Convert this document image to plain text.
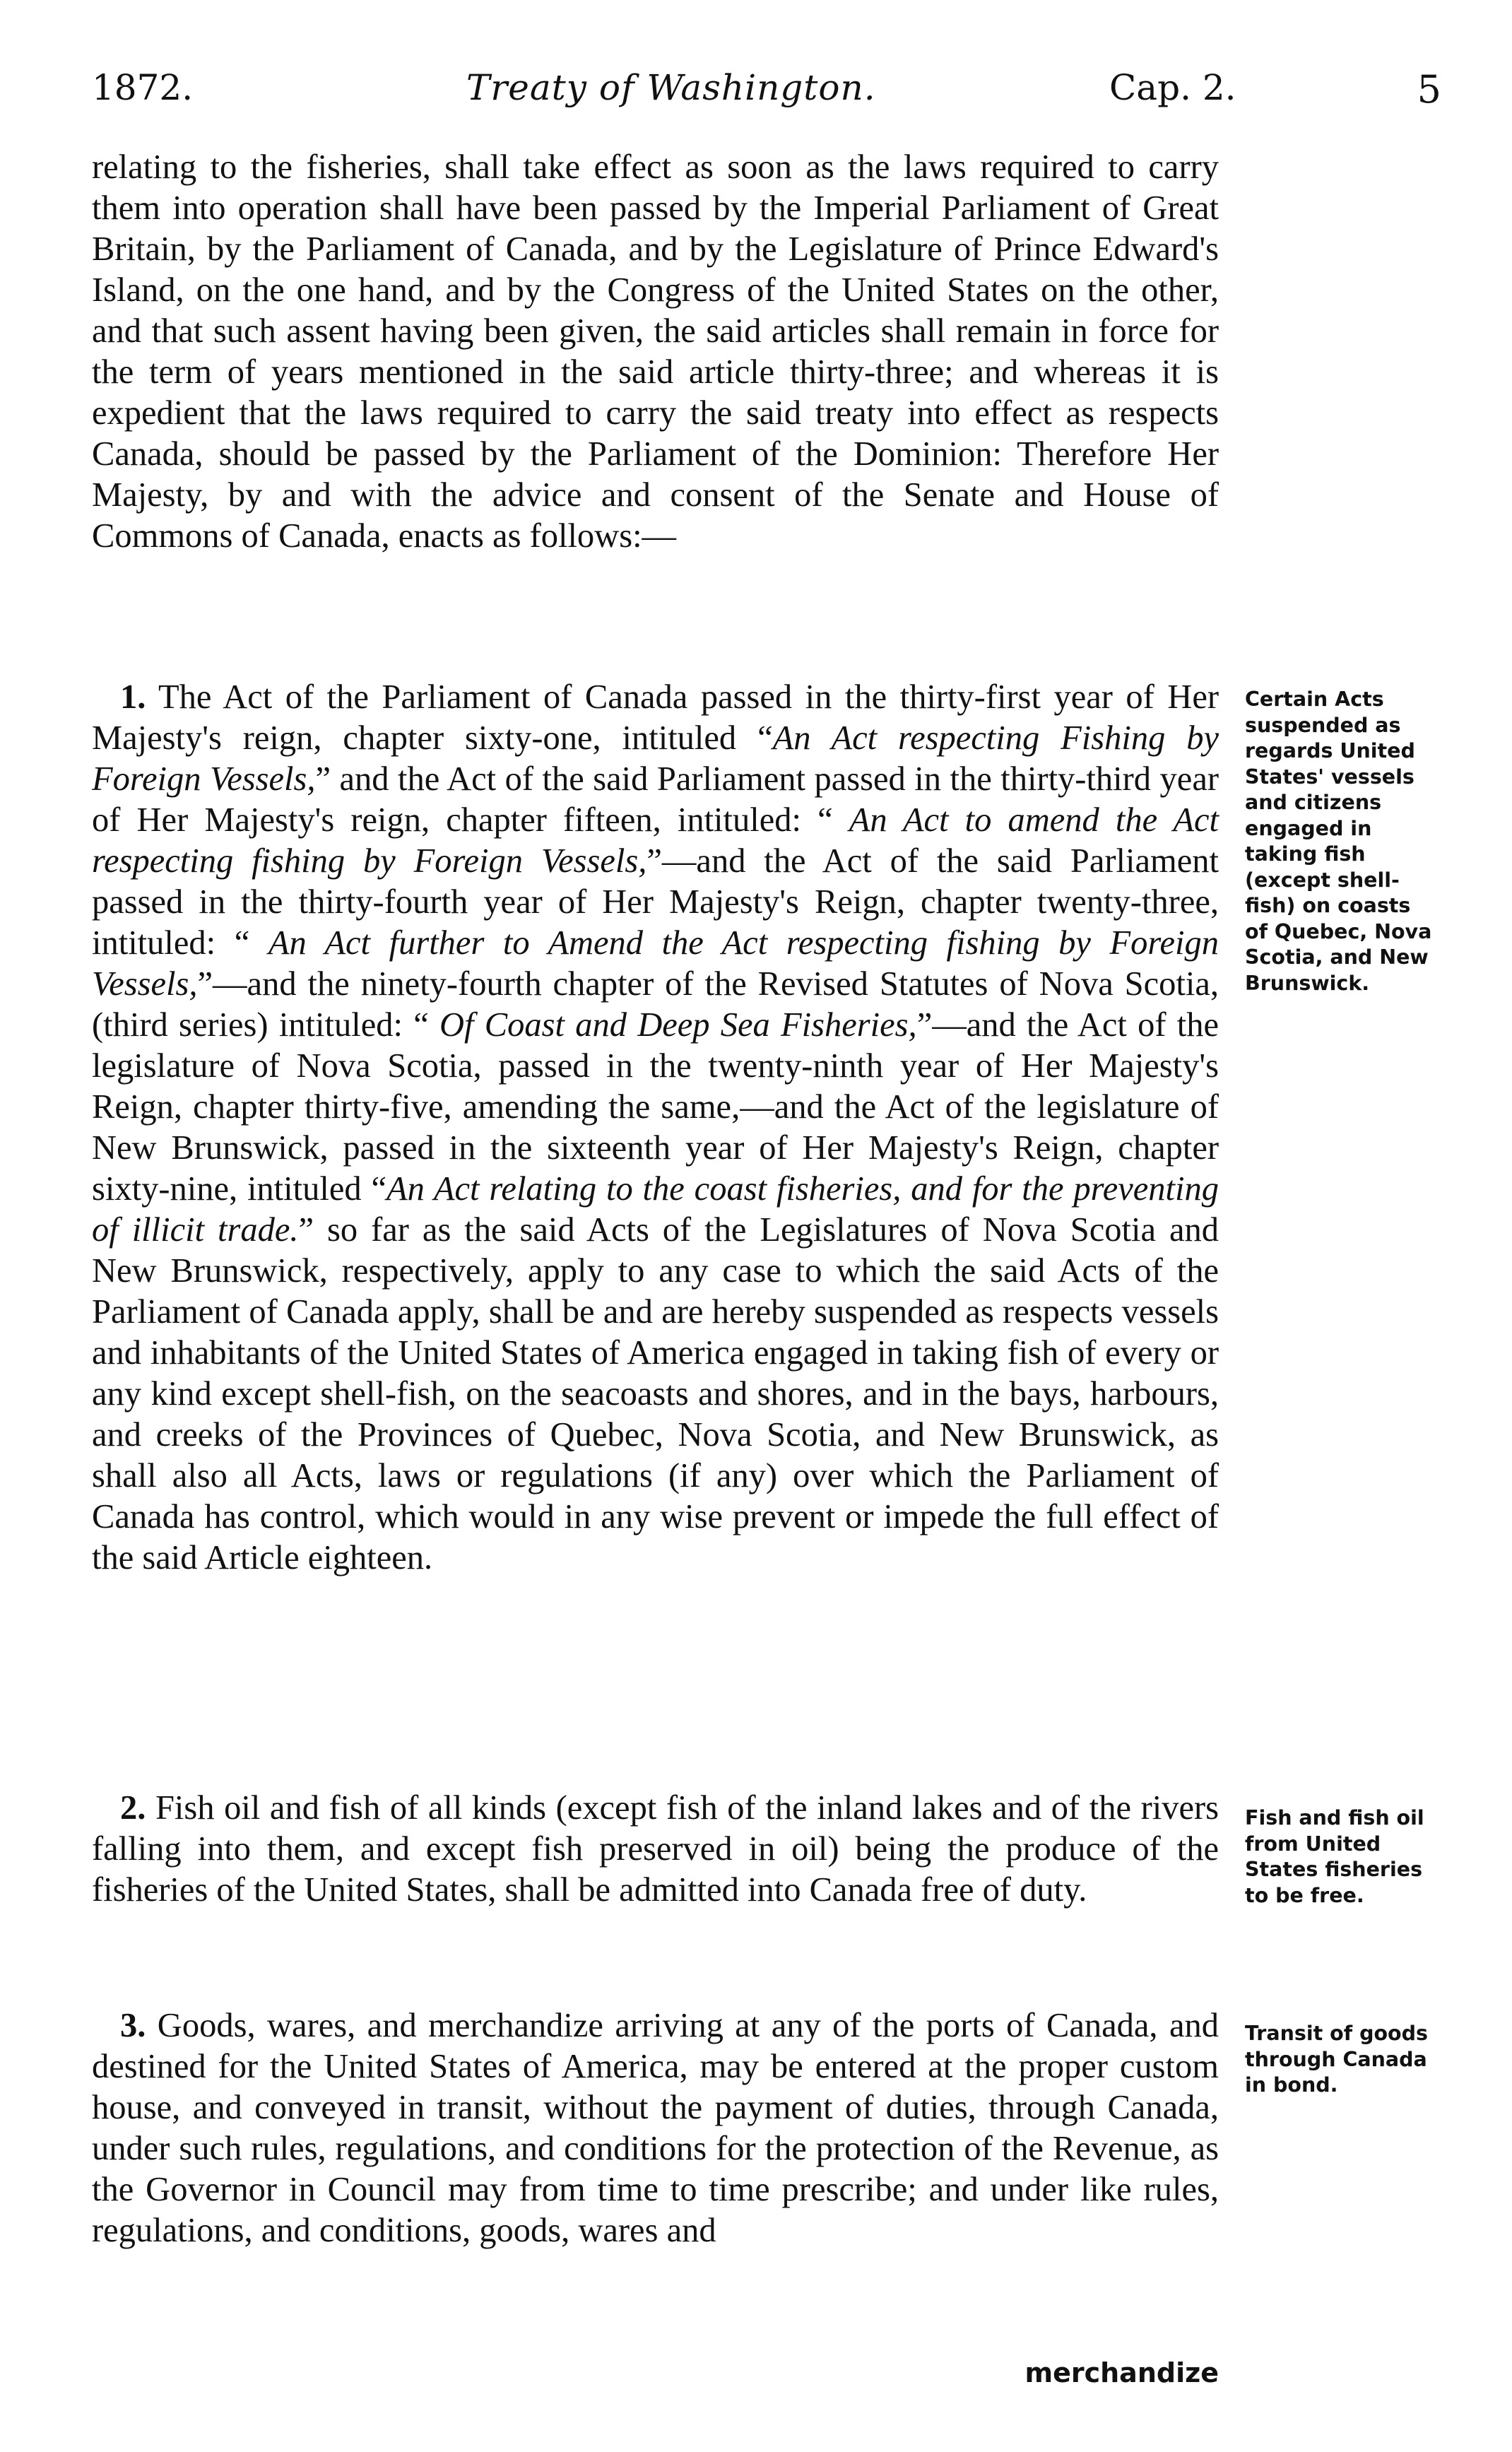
1872.	Treaty of Washington.	Cap. 2.	5
relating to the fisheries, shall take effect as soon as the laws required to carry them into operation shall have been passed by the Imperial Parliament of Great Britain, by the Parliament of Canada, and by the Legislature of Prince Edward's Island, on the one hand, and by the Congress of the United States on the other, and that such assent having been given, the said articles shall remain in force for the term of years mentioned in the said article thirty-three; and whereas it is expedient that the laws required to carry the said treaty into effect as respects Canada, should be passed by the Parliament of the Dominion: Therefore Her Majesty, by and with the advice and consent of the Senate and House of Commons of Canada, enacts as follows:—
1. The Act of the Parliament of Canada passed in the thirty-first year of Her Majesty's reign, chapter sixty-one, intituled “An Act respecting Fishing by Foreign Vessels,” and the Act of the said Parliament passed in the thirty-third year of Her Majesty's reign, chapter fifteen, intituled: “ An Act to amend the Act respecting fishing by Foreign Vessels,”—and the Act of the said Parliament passed in the thirty-fourth year of Her Majesty's Reign, chapter twenty-three, intituled: “ An Act further to Amend the Act respecting fishing by Foreign Vessels,”—and the ninety-fourth chapter of the Revised Statutes of Nova Scotia, (third series) intituled: “ Of Coast and Deep Sea Fisheries,”—and the Act of the legislature of Nova Scotia, passed in the twenty-ninth year of Her Majesty's Reign, chapter thirty-five, amending the same,—and the Act of the legislature of New Brunswick, passed in the sixteenth year of Her Majesty's Reign, chapter sixty-nine, intituled “An Act relating to the coast fisheries, and for the preventing of illicit trade.” so far as the said Acts of the Legislatures of Nova Scotia and New Brunswick, respectively, apply to any case to which the said Acts of the Parliament of Canada apply, shall be and are hereby suspended as respects vessels and inhabitants of the United States of America engaged in taking fish of every or any kind except shell-fish, on the seacoasts and shores, and in the bays, harbours, and creeks of the Provinces of Quebec, Nova Scotia, and New Brunswick, as shall also all Acts, laws or regulations (if any) over which the Parliament of Canada has control, which would in any wise prevent or impede the full effect of the said Article eighteen.
Certain Acts suspended as regards United States' vessels and citizens engaged in taking fish (except shell-fish) on coasts of Quebec, Nova Scotia, and New Brunswick.
2. Fish oil and fish of all kinds (except fish of the inland lakes and of the rivers falling into them, and except fish preserved in oil) being the produce of the fisheries of the United States, shall be admitted into Canada free of duty.
Fish and fish oil from United States fisheries to be free.
3. Goods, wares, and merchandize arriving at any of the ports of Canada, and destined for the United States of America, may be entered at the proper custom house, and conveyed in transit, without the payment of duties, through Canada, under such rules, regulations, and conditions for the protection of the Revenue, as the Governor in Council may from time to time prescribe; and under like rules, regulations, and conditions, goods, wares and
Transit of goods through Canada in bond.
merchandize
